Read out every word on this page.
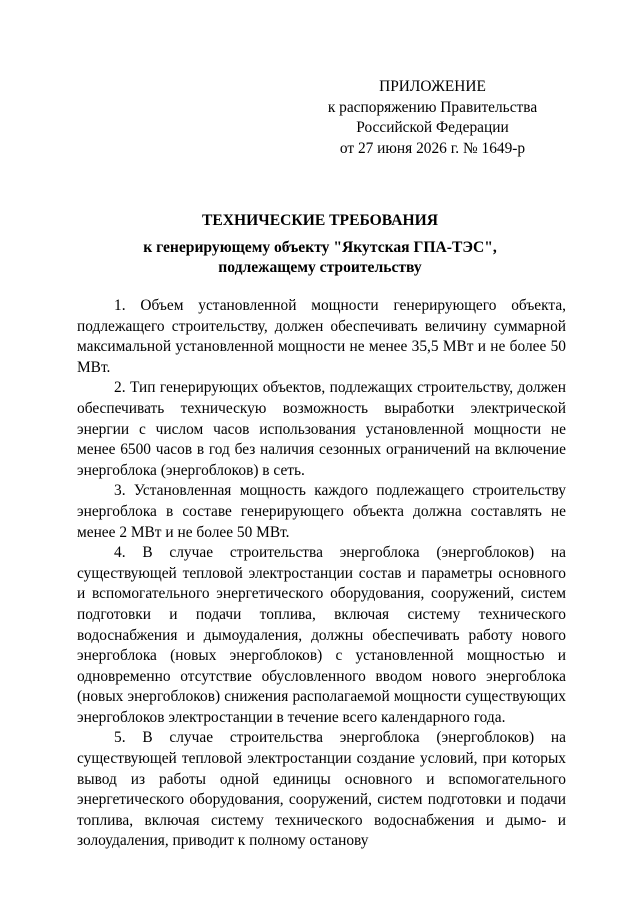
ПРИЛОЖЕНИЕ
к распоряжению Правительства
Российской Федерации
от 27 июня 2026 г. № 1649-р
ТЕХНИЧЕСКИЕ ТРЕБОВАНИЯ
к генерирующему объекту "Якутская ГПА-ТЭС",
подлежащему строительству

1. Объем установленной мощности генерирующего объекта, подлежащего строительству, должен обеспечивать величину суммарной максимальной установленной мощности не менее 35,5 МВт и не более 50 МВт.

2. Тип генерирующих объектов, подлежащих строительству, должен обеспечивать техническую возможность выработки электрической энергии с числом часов использования установленной мощности не менее 6500 часов в год без наличия сезонных ограничений на включение энергоблока (энергоблоков) в сеть.

3. Установленная мощность каждого подлежащего строительству энергоблока в составе генерирующего объекта должна составлять не менее 2 МВт и не более 50 МВт.

4. В случае строительства энергоблока (энергоблоков) на существующей тепловой электростанции состав и параметры основного и вспомогательного энергетического оборудования, сооружений, систем подготовки и подачи топлива, включая систему технического водоснабжения и дымоудаления, должны обеспечивать работу нового энергоблока (новых энергоблоков) с установленной мощностью и одновременно отсутствие обусловленного вводом нового энергоблока (новых энергоблоков) снижения располагаемой мощности существующих энергоблоков электростанции в течение всего календарного года.

5. В случае строительства энергоблока (энергоблоков) на существующей тепловой электростанции создание условий, при которых вывод из работы одной единицы основного и вспомогательного энергетического оборудования, сооружений, систем подготовки и подачи топлива, включая систему технического водоснабжения и дымо- и золоудаления, приводит к полному останову
